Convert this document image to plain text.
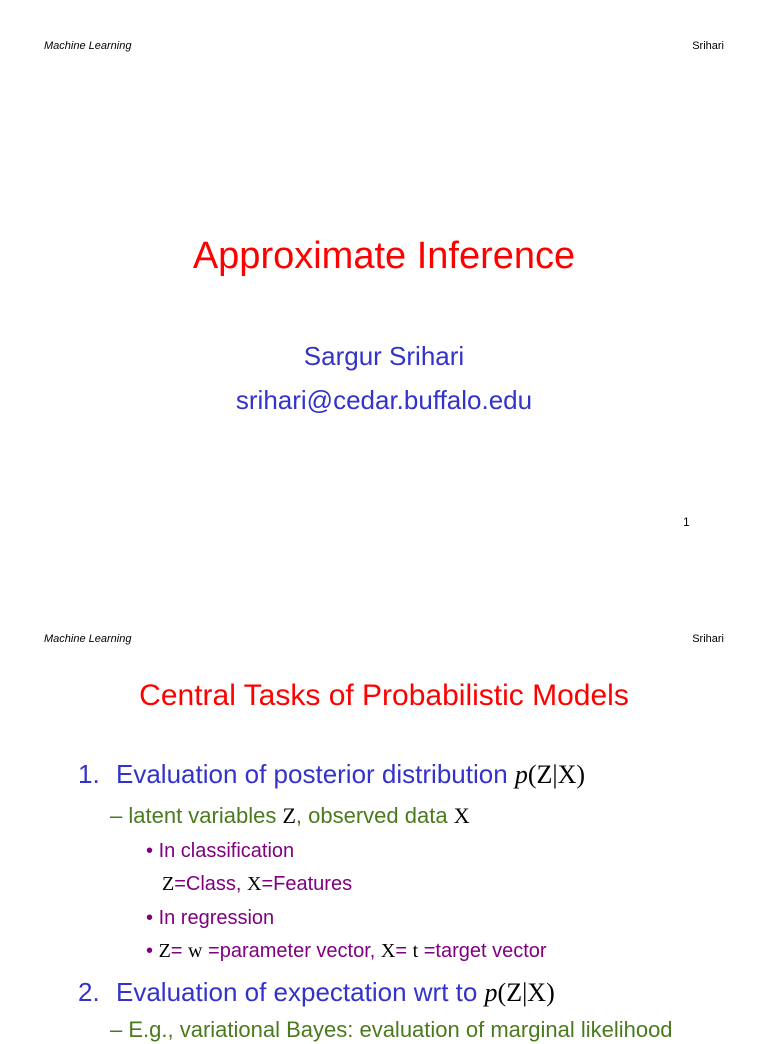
Machine Learning	Srihari
Approximate Inference
Sargur Srihari
srihari@cedar.buffalo.edu
1
Machine Learning	Srihari
Central Tasks of Probabilistic Models
1. Evaluation of posterior distribution p(Z|X)
– latent variables Z, observed data X
• In classification
Z=Class, X=Features
• In regression
• Z= w =parameter vector, X= t =target vector
2. Evaluation of expectation wrt to p(Z|X)
– E.g., variational Bayes: evaluation of marginal likelihood
